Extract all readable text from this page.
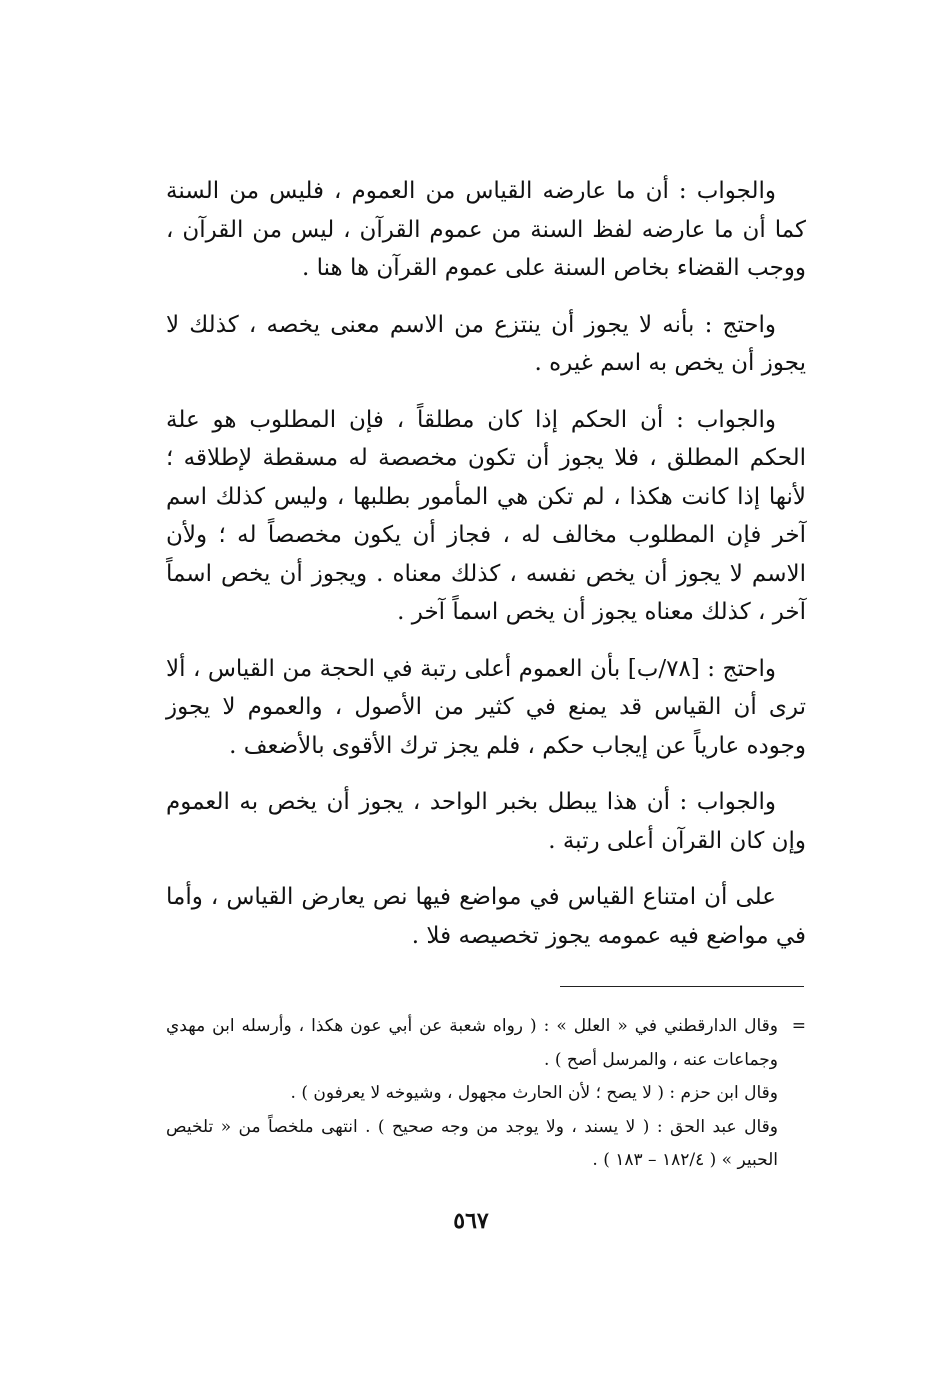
والجواب : أن ما عارضه القياس من العموم ، فليس من السنة كما أن ما عارضه لفظ السنة من عموم القرآن ، ليس من القرآن ، ووجب القضاء بخاص السنة على عموم القرآن ها هنا .

واحتج : بأنه لا يجوز أن ينتزع من الاسم معنى يخصه ، كذلك لا يجوز أن يخص به اسم غيره .

والجواب : أن الحكم إذا كان مطلقاً ، فإن المطلوب هو علة الحكم المطلق ، فلا يجوز أن تكون مخصصة له مسقطة لإطلاقه ؛ لأنها إذا كانت هكذا ، لم تكن هي المأمور بطلبها ، وليس كذلك اسم آخر فإن المطلوب مخالف له ، فجاز أن يكون مخصصاً له ؛ ولأن الاسم لا يجوز أن يخص نفسه ، كذلك معناه . ويجوز أن يخص اسماً آخر ، كذلك معناه يجوز أن يخص اسماً آخر .

واحتج : [٧٨/ب] بأن العموم أعلى رتبة في الحجة من القياس ، ألا ترى أن القياس قد يمنع في كثير من الأصول ، والعموم لا يجوز وجوده عارياً عن إيجاب حكم ، فلم يجز ترك الأقوى بالأضعف .

والجواب : أن هذا يبطل بخبر الواحد ، يجوز أن يخص به العموم وإن كان القرآن أعلى رتبة .

على أن امتناع القياس في مواضع فيها نص يعارض القياس ، وأما في مواضع فيه عمومه يجوز تخصيصه فلا .

=
وقال الدارقطني في « العلل » : ( رواه شعبة عن أبي عون هكذا ، وأرسله ابن مهدي وجماعات عنه ، والمرسل أصح ) .

وقال ابن حزم : ( لا يصح ؛ لأن الحارث مجهول ، وشيوخه لا يعرفون ) .

وقال عبد الحق : ( لا يسند ، ولا يوجد من وجه صحيح ) . انتهى ملخصاً من « تلخيص الحبير » ( ١٨٢/٤ – ١٨٣ ) .

٥٦٧
